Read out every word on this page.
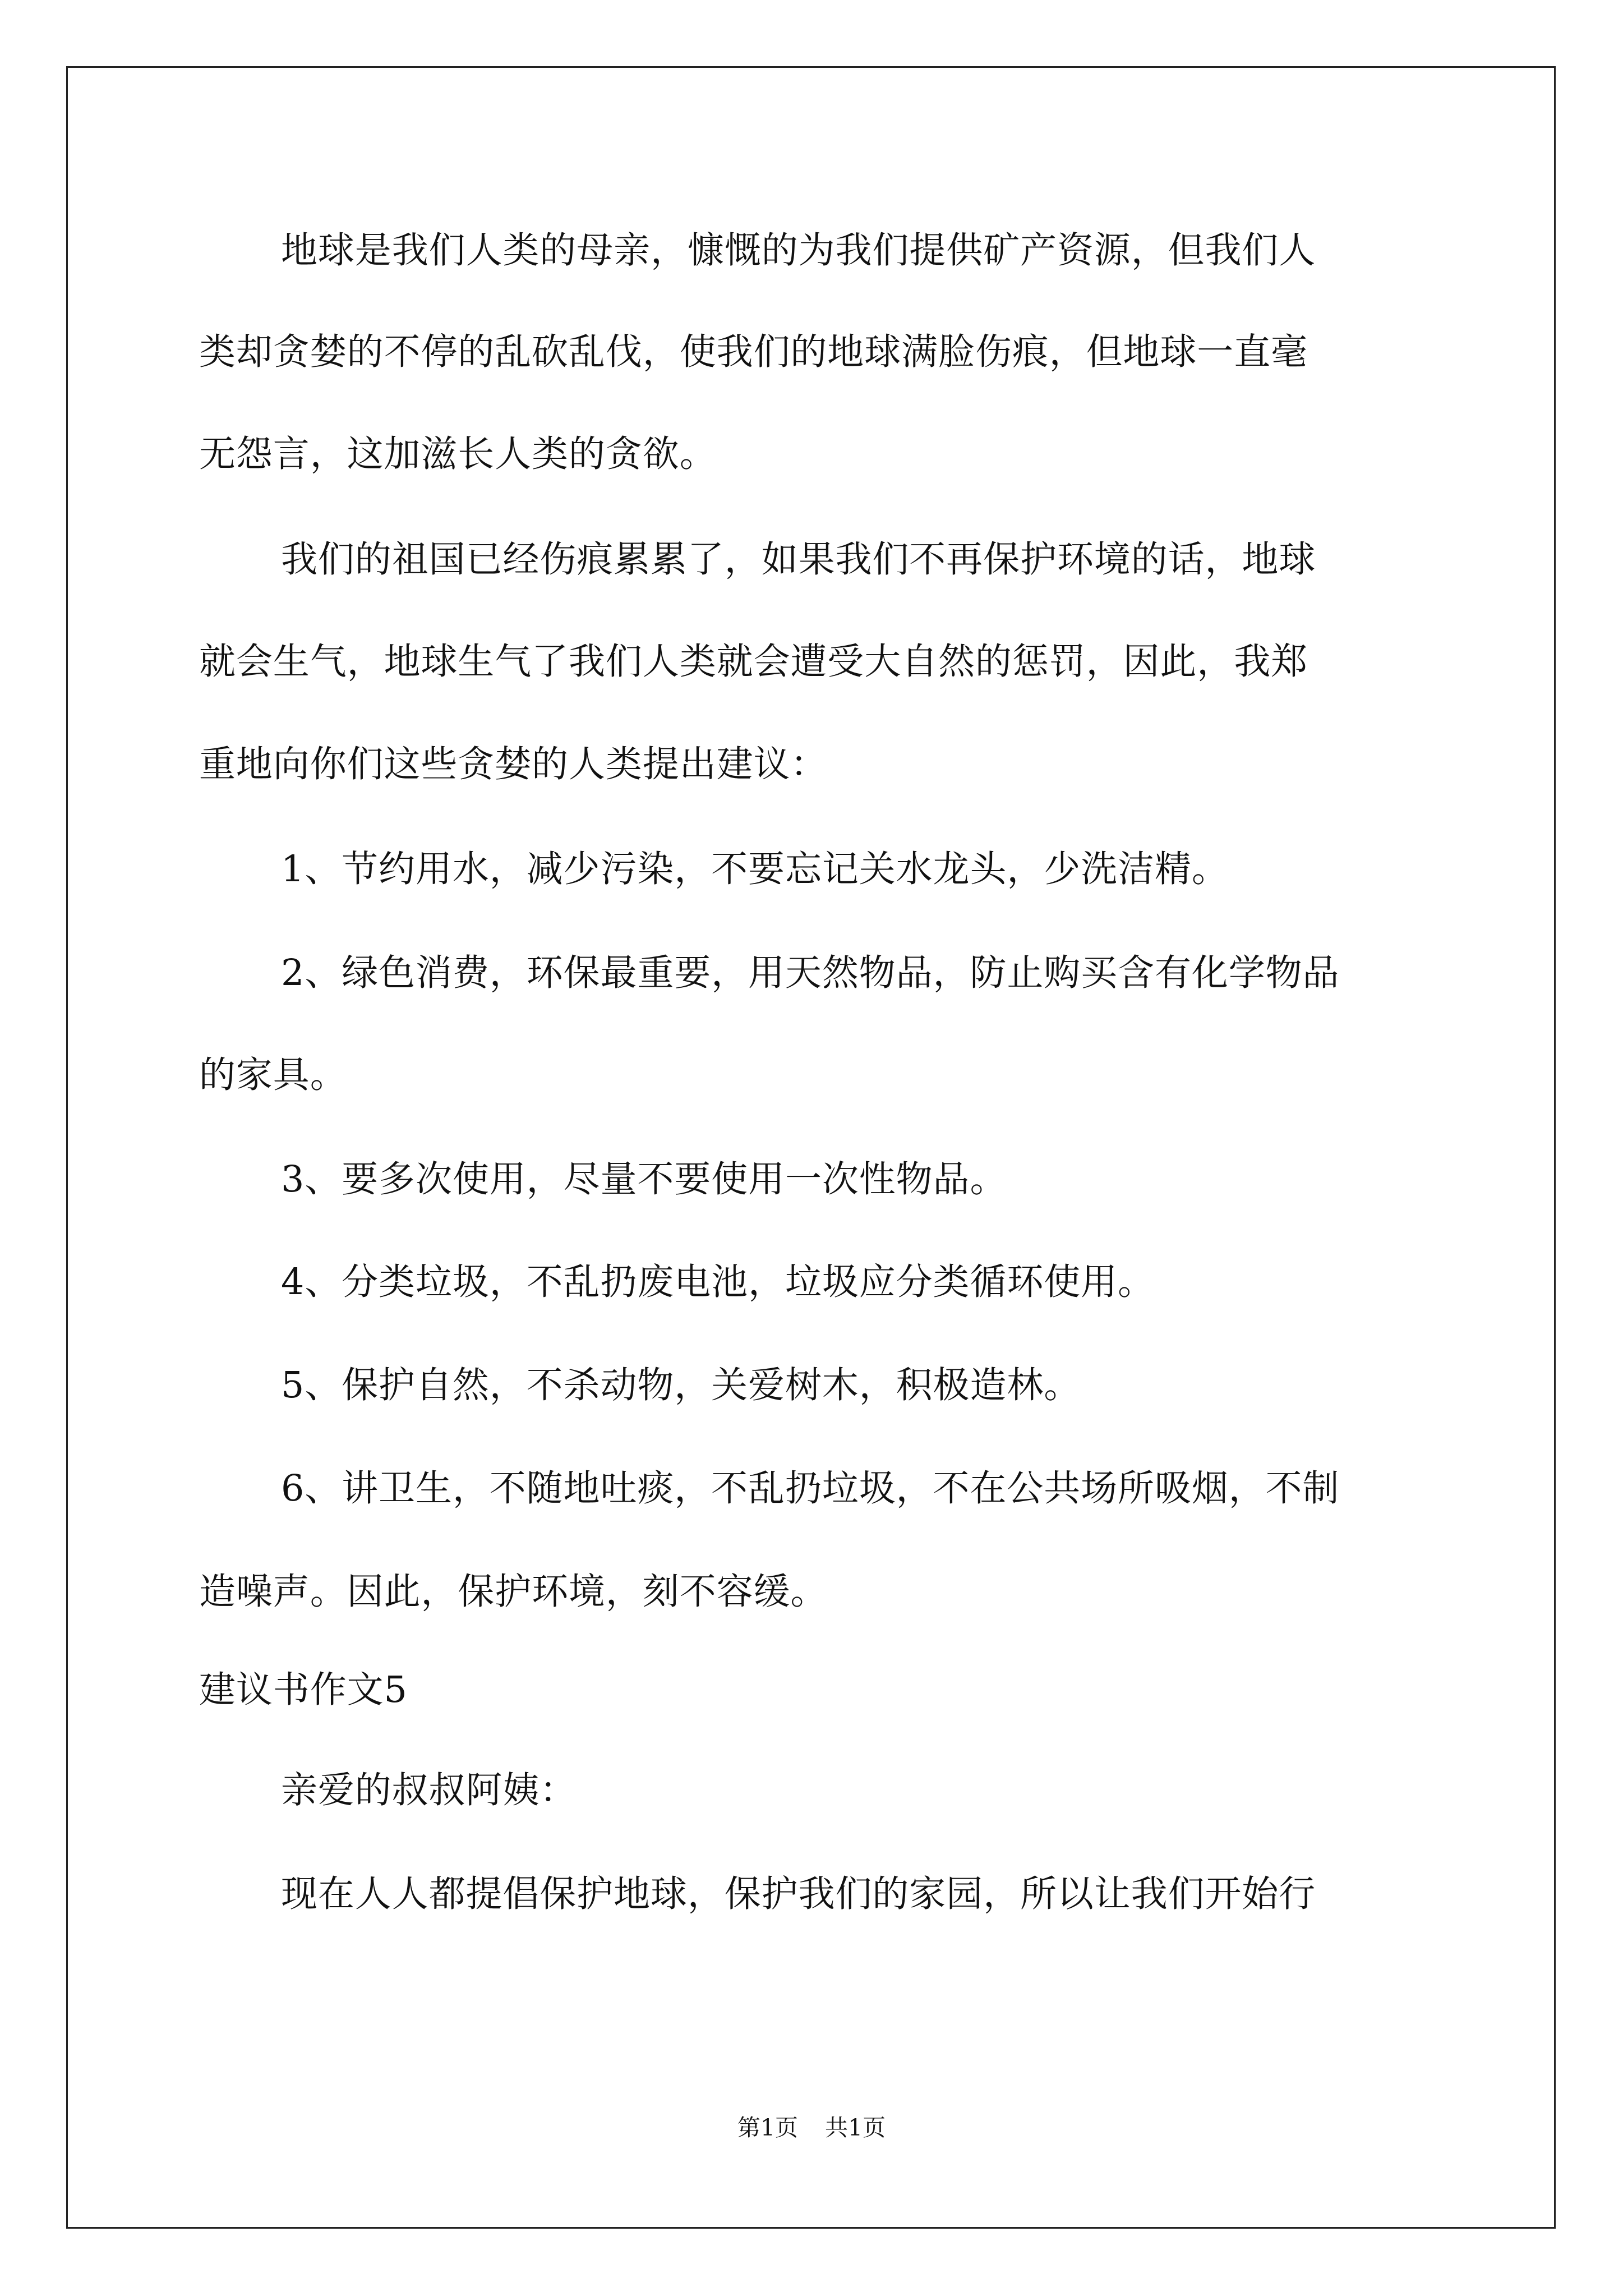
地球是我们人类的母亲，慷慨的为我们提供矿产资源，但我们人
类却贪婪的不停的乱砍乱伐，使我们的地球满脸伤痕，但地球一直毫
无怨言，这加滋长人类的贪欲。
我们的祖国已经伤痕累累了，如果我们不再保护环境的话，地球
就会生气，地球生气了我们人类就会遭受大自然的惩罚，因此，我郑
重地向你们这些贪婪的人类提出建议：
1、节约用水，减少污染，不要忘记关水龙头，少洗洁精。
2、绿色消费，环保最重要，用天然物品，防止购买含有化学物品
的家具。
3、要多次使用，尽量不要使用一次性物品。
4、分类垃圾，不乱扔废电池，垃圾应分类循环使用。
5、保护自然，不杀动物，关爱树木，积极造林。
6、讲卫生，不随地吐痰，不乱扔垃圾，不在公共场所吸烟，不制
造噪声。因此，保护环境，刻不容缓。
建议书作文5
亲爱的叔叔阿姨：
现在人人都提倡保护地球，保护我们的家园，所以让我们开始行
第1页 共1页
